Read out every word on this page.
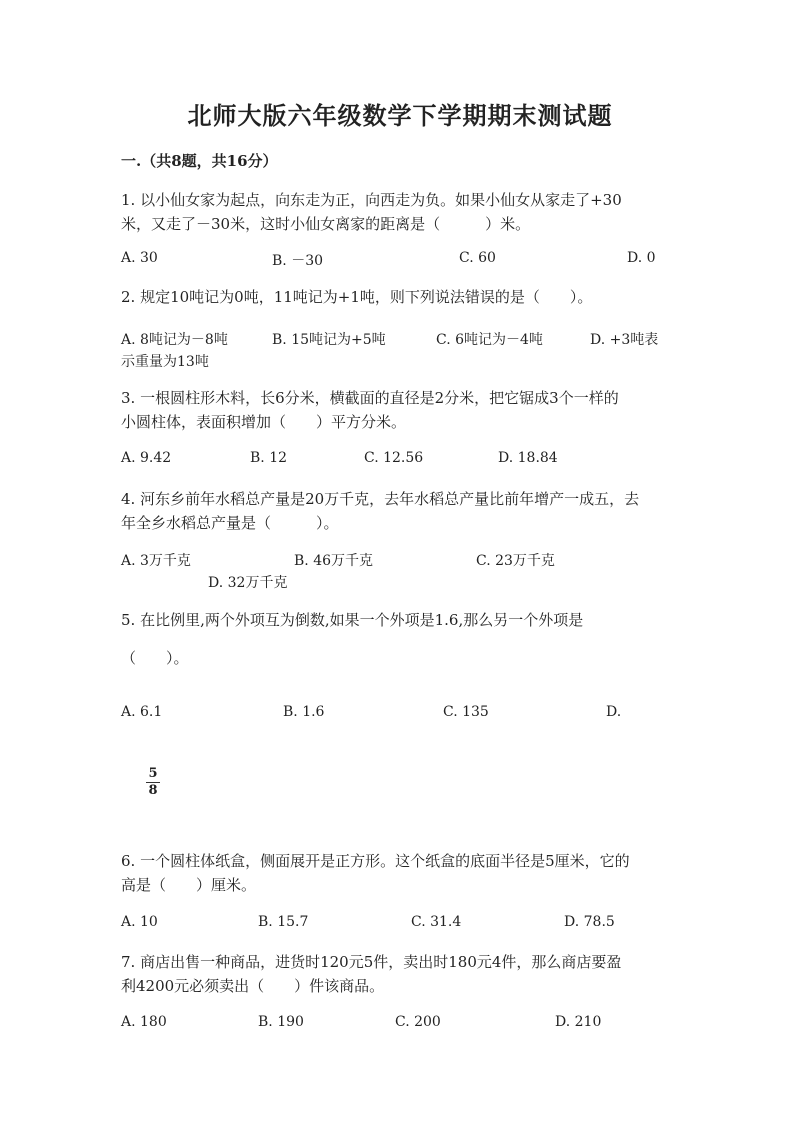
北师大版六年级数学下学期期末测试题
一.（共8题，共16分）
1. 以小仙女家为起点，向东走为正，向西走为负。如果小仙女从家走了+30
米，又走了－30米，这时小仙女离家的距离是（　　　）米。
A. 30	B. －30	C. 60	D. 0
2. 规定10吨记为0吨，11吨记为+1吨，则下列说法错误的是（　　）。
A. 8吨记为－8吨	B. 15吨记为+5吨	C. 6吨记为－4吨	D. +3吨表
示重量为13吨
3. 一根圆柱形木料，长6分米，横截面的直径是2分米，把它锯成3个一样的
小圆柱体，表面积增加（　　）平方分米。
A. 9.42	B. 12	C. 12.56	D. 18.84
4. 河东乡前年水稻总产量是20万千克，去年水稻总产量比前年增产一成五，去
年全乡水稻总产量是（　　　）。
A. 3万千克	B. 46万千克	C. 23万千克
D. 32万千克
5. 在比例里,两个外项互为倒数,如果一个外项是1.6,那么另一个外项是
（　　）。
A. 6.1	B. 1.6	C. 135	D.
$\frac{5}{8}$
6. 一个圆柱体纸盒，侧面展开是正方形。这个纸盒的底面半径是5厘米，它的
高是（　　）厘米。
A. 10	B. 15.7	C. 31.4	D. 78.5
7. 商店出售一种商品，进货时120元5件，卖出时180元4件，那么商店要盈
利4200元必须卖出（　　）件该商品。
A. 180	B. 190	C. 200	D. 210
